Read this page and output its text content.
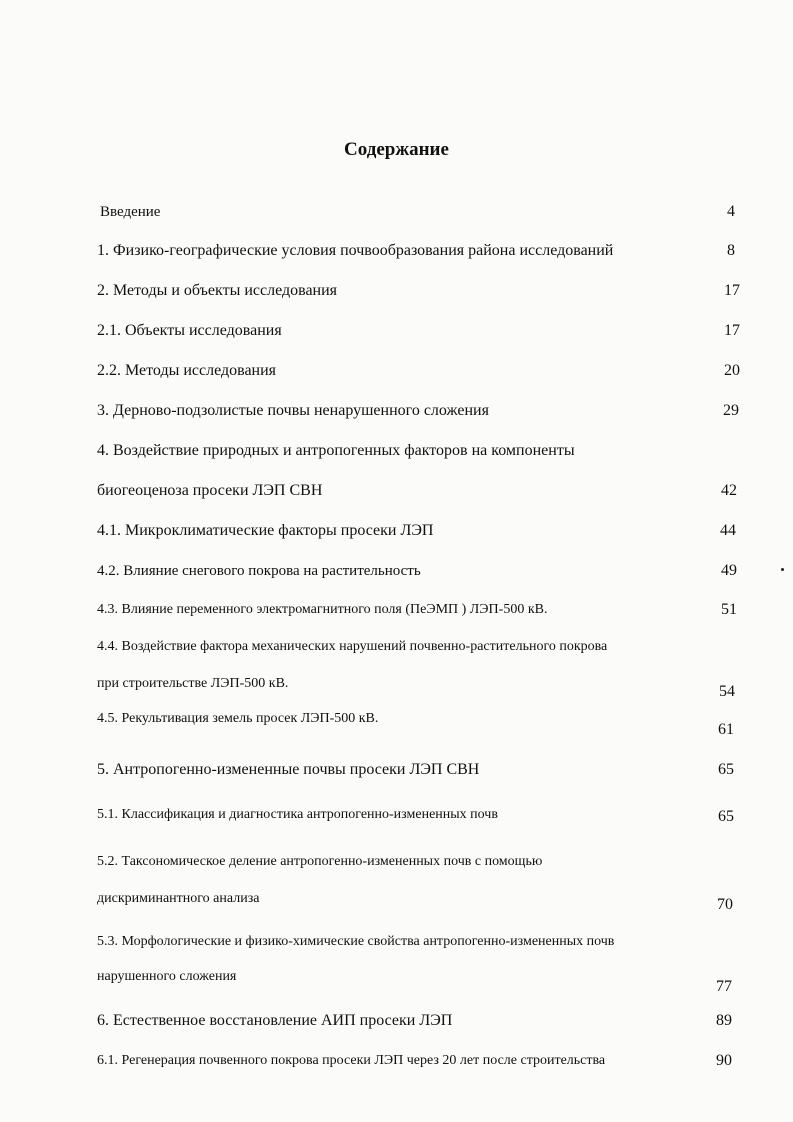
Содержание
Введение	4
1. Физико-географические условия почвообразования района исследований	8
2. Методы и объекты исследования	17
2.1. Объекты исследования	17
2.2. Методы исследования	20
3. Дерново-подзолистые почвы ненарушенного сложения	29
4. Воздействие природных и антропогенных факторов на компоненты
биогеоценоза просеки ЛЭП СВН	42
4.1. Микроклиматические факторы просеки ЛЭП	44
4.2. Влияние снегового покрова на растительность	49
4.3. Влияние переменного электромагнитного поля (ПеЭМП ) ЛЭП-500 кВ.	51
4.4. Воздействие фактора механических нарушений почвенно-растительного покрова
при строительстве ЛЭП-500 кВ.	54
4.5. Рекультивация земель просек ЛЭП-500 кВ.
61
5. Антропогенно-измененные почвы просеки ЛЭП СВН	65
5.1. Классификация и диагностика антропогенно-измененных почв	65
5.2. Таксономическое деление антропогенно-измененных почв с помощью
дискриминантного анализа	70
5.3. Морфологические и физико-химические свойства антропогенно-измененных почв
нарушенного сложения
77
6. Естественное восстановление АИП просеки ЛЭП	89
6.1. Регенерация почвенного покрова просеки ЛЭП через 20 лет после строительства	90
